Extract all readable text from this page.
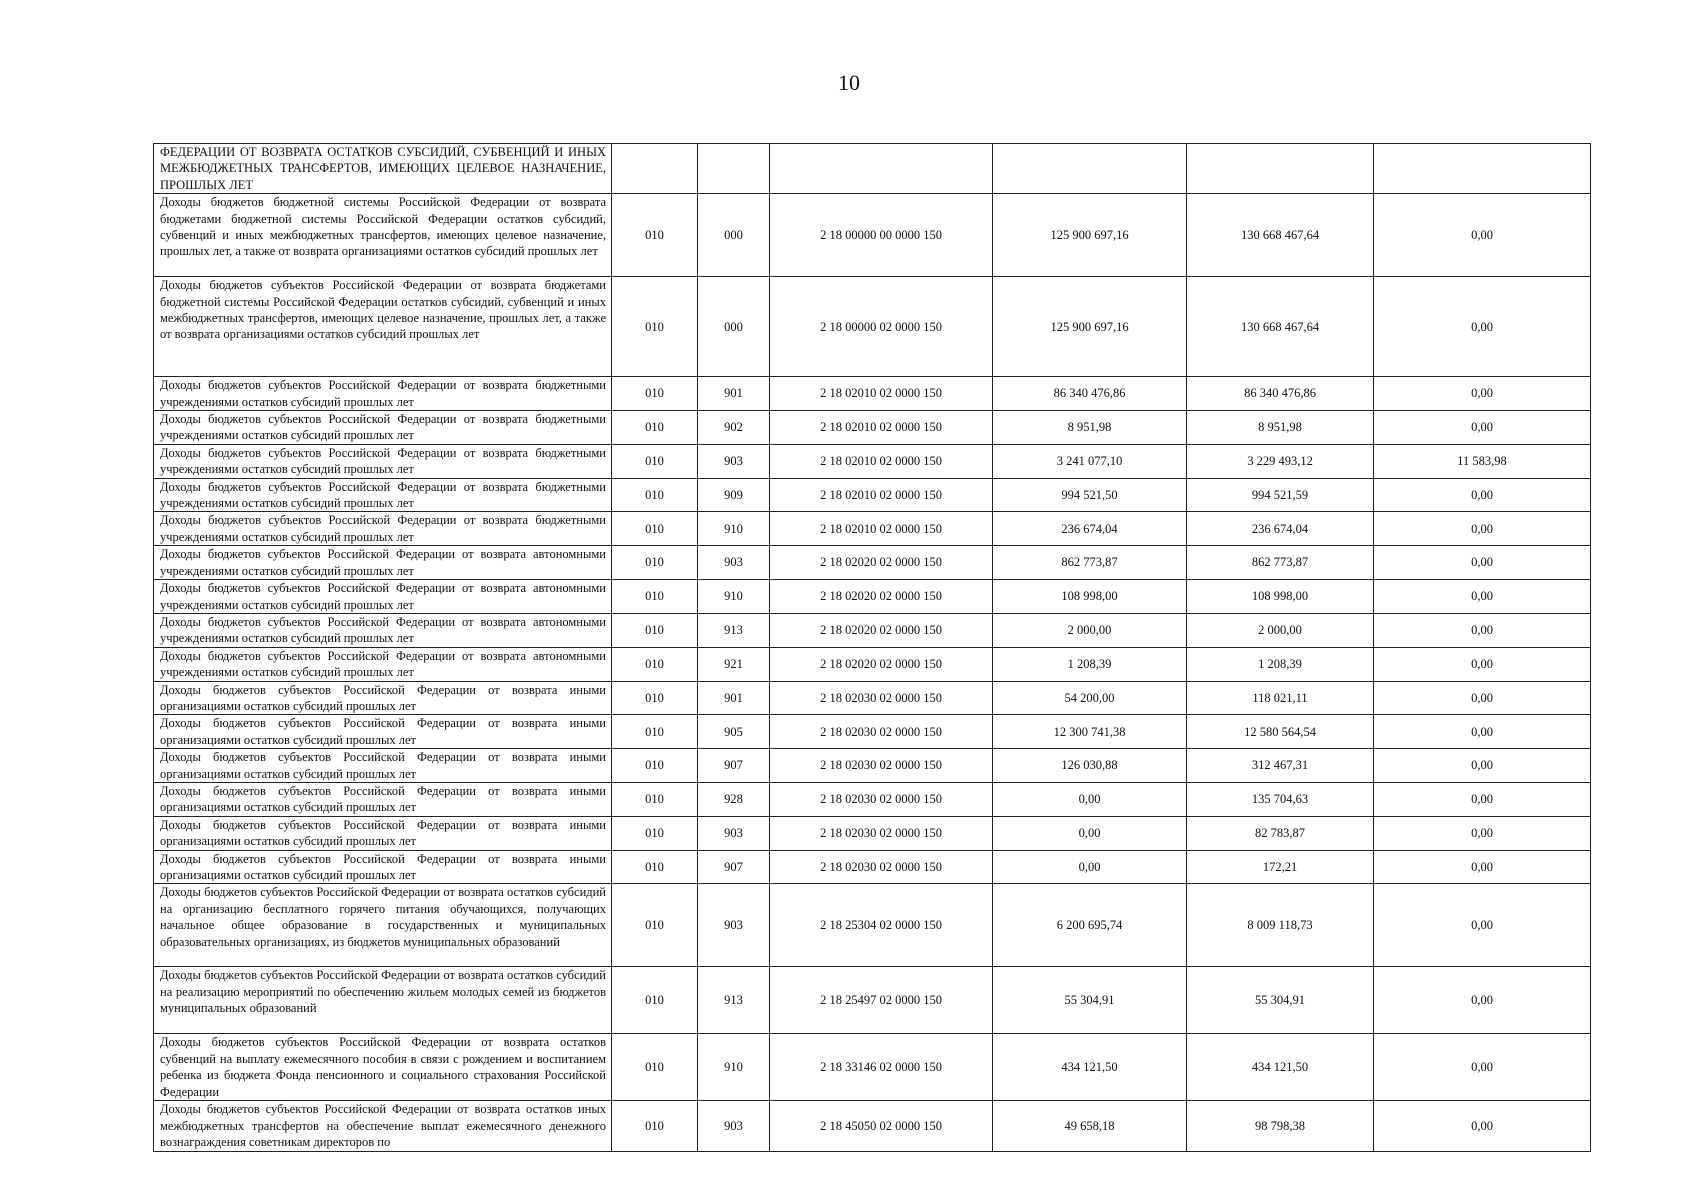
10
ФЕДЕРАЦИИ ОТ ВОЗВРАТА ОСТАТКОВ СУБСИДИЙ, СУБВЕНЦИЙ И ИНЫХ МЕЖБЮДЖЕТНЫХ ТРАНСФЕРТОВ, ИМЕЮЩИХ ЦЕЛЕВОЕ НАЗНАЧЕНИЕ, ПРОШЛЫХ ЛЕТ						
Доходы бюджетов бюджетной системы Российской Федерации от возврата бюджетами бюджетной системы Российской Федерации остатков субсидий, субвенций и иных межбюджетных трансфертов, имеющих целевое назначение, прошлых лет, а также от возврата организациями остатков субсидий прошлых лет	010	000	2 18 00000 00 0000 150	125 900 697,16	130 668 467,64	0,00
Доходы бюджетов субъектов Российской Федерации от возврата бюджетами бюджетной системы Российской Федерации остатков субсидий, субвенций и иных межбюджетных трансфертов, имеющих целевое назначение, прошлых лет, а также от возврата организациями остатков субсидий прошлых лет	010	000	2 18 00000 02 0000 150	125 900 697,16	130 668 467,64	0,00
Доходы бюджетов субъектов Российской Федерации от возврата бюджетными учреждениями остатков субсидий прошлых лет	010	901	2 18 02010 02 0000 150	86 340 476,86	86 340 476,86	0,00
Доходы бюджетов субъектов Российской Федерации от возврата бюджетными учреждениями остатков субсидий прошлых лет	010	902	2 18 02010 02 0000 150	8 951,98	8 951,98	0,00
Доходы бюджетов субъектов Российской Федерации от возврата бюджетными учреждениями остатков субсидий прошлых лет	010	903	2 18 02010 02 0000 150	3 241 077,10	3 229 493,12	11 583,98
Доходы бюджетов субъектов Российской Федерации от возврата бюджетными учреждениями остатков субсидий прошлых лет	010	909	2 18 02010 02 0000 150	994 521,50	994 521,59	0,00
Доходы бюджетов субъектов Российской Федерации от возврата бюджетными учреждениями остатков субсидий прошлых лет	010	910	2 18 02010 02 0000 150	236 674,04	236 674,04	0,00
Доходы бюджетов субъектов Российской Федерации от возврата автономными учреждениями остатков субсидий прошлых лет	010	903	2 18 02020 02 0000 150	862 773,87	862 773,87	0,00
Доходы бюджетов субъектов Российской Федерации от возврата автономными учреждениями остатков субсидий прошлых лет	010	910	2 18 02020 02 0000 150	108 998,00	108 998,00	0,00
Доходы бюджетов субъектов Российской Федерации от возврата автономными учреждениями остатков субсидий прошлых лет	010	913	2 18 02020 02 0000 150	2 000,00	2 000,00	0,00
Доходы бюджетов субъектов Российской Федерации от возврата автономными учреждениями остатков субсидий прошлых лет	010	921	2 18 02020 02 0000 150	1 208,39	1 208,39	0,00
Доходы бюджетов субъектов Российской Федерации от возврата иными организациями остатков субсидий прошлых лет	010	901	2 18 02030 02 0000 150	54 200,00	118 021,11	0,00
Доходы бюджетов субъектов Российской Федерации от возврата иными организациями остатков субсидий прошлых лет	010	905	2 18 02030 02 0000 150	12 300 741,38	12 580 564,54	0,00
Доходы бюджетов субъектов Российской Федерации от возврата иными организациями остатков субсидий прошлых лет	010	907	2 18 02030 02 0000 150	126 030,88	312 467,31	0,00
Доходы бюджетов субъектов Российской Федерации от возврата иными организациями остатков субсидий прошлых лет	010	928	2 18 02030 02 0000 150	0,00	135 704,63	0,00
Доходы бюджетов субъектов Российской Федерации от возврата иными организациями остатков субсидий прошлых лет	010	903	2 18 02030 02 0000 150	0,00	82 783,87	0,00
Доходы бюджетов субъектов Российской Федерации от возврата иными организациями остатков субсидий прошлых лет	010	907	2 18 02030 02 0000 150	0,00	172,21	0,00
Доходы бюджетов субъектов Российской Федерации от возврата остатков субсидий на организацию бесплатного горячего питания обучающихся, получающих начальное общее образование в государственных и муниципальных образовательных организациях, из бюджетов муниципальных образований	010	903	2 18 25304 02 0000 150	6 200 695,74	8 009 118,73	0,00
Доходы бюджетов субъектов Российской Федерации от возврата остатков субсидий на реализацию мероприятий по обеспечению жильем молодых семей из бюджетов муниципальных образований	010	913	2 18 25497 02 0000 150	55 304,91	55 304,91	0,00
Доходы бюджетов субъектов Российской Федерации от возврата остатков субвенций на выплату ежемесячного пособия в связи с рождением и воспитанием ребенка из бюджета Фонда пенсионного и социального страхования Российской Федерации	010	910	2 18 33146 02 0000 150	434 121,50	434 121,50	0,00
Доходы бюджетов субъектов Российской Федерации от возврата остатков иных межбюджетных трансфертов на обеспечение выплат ежемесячного денежного вознаграждения советникам директоров по	010	903	2 18 45050 02 0000 150	49 658,18	98 798,38	0,00
